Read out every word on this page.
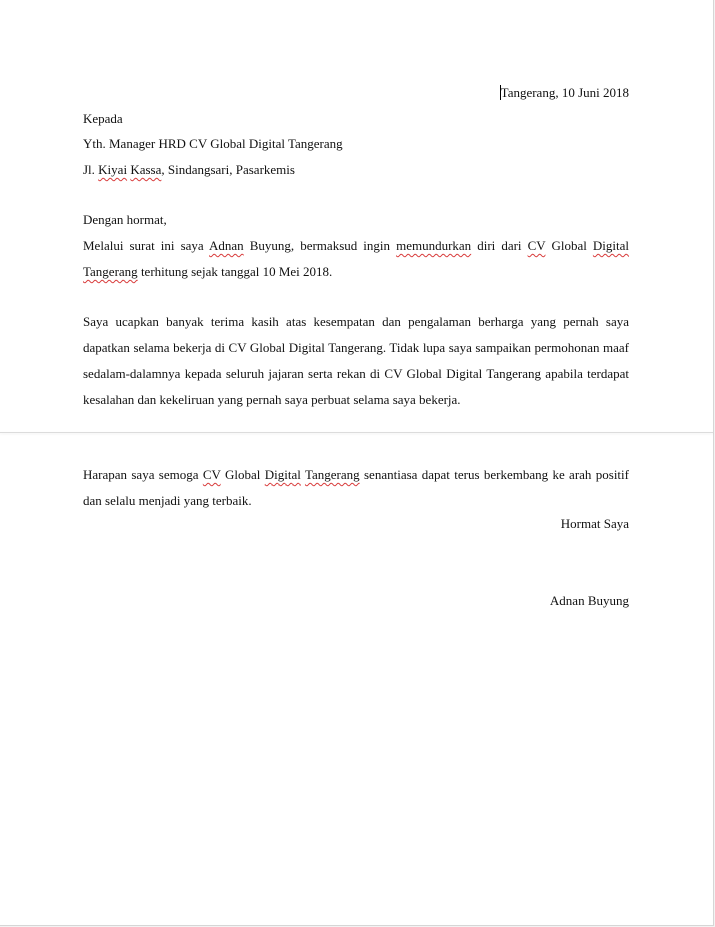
Tangerang, 10 Juni 2018
Kepada
Yth. Manager HRD CV Global Digital Tangerang
Jl. Kiyai Kassa, Sindangsari, Pasarkemis
Dengan hormat,
Melalui surat ini saya Adnan Buyung, bermaksud ingin memundurkan diri dari CV Global Digital Tangerang terhitung sejak tanggal 10 Mei 2018.
Saya ucapkan banyak terima kasih atas kesempatan dan pengalaman berharga yang pernah saya dapatkan selama bekerja di CV Global Digital Tangerang. Tidak lupa saya sampaikan permohonan maaf sedalam-dalamnya kepada seluruh jajaran serta rekan di CV Global Digital Tangerang apabila terdapat kesalahan dan kekeliruan yang pernah saya perbuat selama saya bekerja.
Harapan saya semoga CV Global Digital Tangerang senantiasa dapat terus berkembang ke arah positif dan selalu menjadi yang terbaik.
Hormat Saya
Adnan Buyung
